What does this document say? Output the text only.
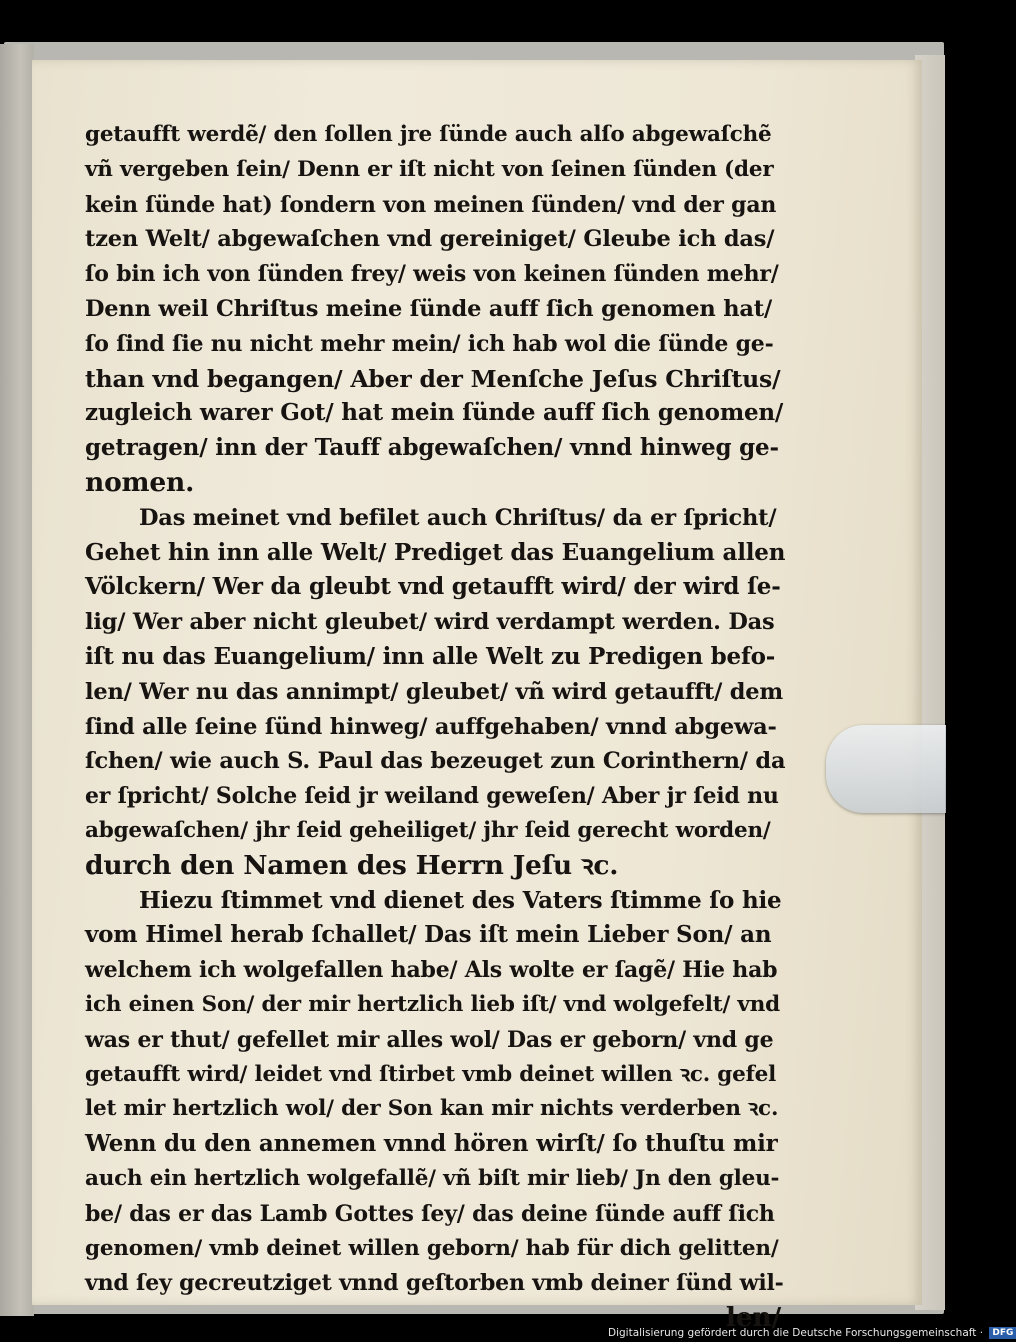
getaufft werdẽ/ den ſollen jre ſünde auch alſo abgewaſchẽ
vñ vergeben ſein/ Denn er iſt nicht von ſeinen ſünden (der
kein ſünde hat) ſondern von meinen ſünden/ vnd der gan
tzen Welt/ abgewaſchen vnd gereiniget/ Gleube ich das/
ſo bin ich von ſünden frey/ weis von keinen ſünden mehr/
Denn weil Chriſtus meine ſünde auff ſich genomen hat/
ſo ſind ſie nu nicht mehr mein/ ich hab wol die ſünde ge-
than vnd begangen/ Aber der Menſche Jeſus Chriſtus/
zugleich warer Got/ hat mein ſünde auff ſich genomen/
getragen/ inn der Tauff abgewaſchen/ vnnd hinweg ge-
nomen.
Das meinet vnd befilet auch Chriſtus/ da er ſpricht/
Gehet hin inn alle Welt/ Prediget das Euangelium allen
Völckern/ Wer da gleubt vnd getaufft wird/ der wird ſe-
lig/ Wer aber nicht gleubet/ wird verdampt werden. Das
iſt nu das Euangelium/ inn alle Welt zu Predigen befo-
len/ Wer nu das annimpt/ gleubet/ vñ wird getaufft/ dem
ſind alle ſeine ſünd hinweg/ auffgehaben/ vnnd abgewa-
ſchen/ wie auch S. Paul das bezeuget zun Corinthern/ da
er ſpricht/ Solche ſeid jr weiland geweſen/ Aber jr ſeid nu
abgewaſchen/ jhr ſeid geheiliget/ jhr ſeid gerecht worden/
durch den Namen des Herrn Jeſu ꝛc.
Hiezu ſtimmet vnd dienet des Vaters ſtimme ſo hie
vom Himel herab ſchallet/ Das iſt mein Lieber Son/ an
welchem ich wolgefallen habe/ Als wolte er ſagẽ/ Hie hab
ich einen Son/ der mir hertzlich lieb iſt/ vnd wolgefelt/ vnd
was er thut/ gefellet mir alles wol/ Das er geborn/ vnd ge
getaufft wird/ leidet vnd ſtirbet vmb deinet willen ꝛc. gefel
let mir hertzlich wol/ der Son kan mir nichts verderben ꝛc.
Wenn du den annemen vnnd hören wirſt/ ſo thuſtu mir
auch ein hertzlich wolgefallẽ/ vñ biſt mir lieb/ Jn den gleu-
be/ das er das Lamb Gottes ſey/ das deine ſünde auff ſich
genomen/ vmb deinet willen geborn/ hab für dich gelitten/
vnd ſey gecreutziget vnnd geſtorben vmb deiner ſünd wil-
len/
Digitalisierung gefördert durch die Deutsche Forschungsgemeinschaft · DFG
